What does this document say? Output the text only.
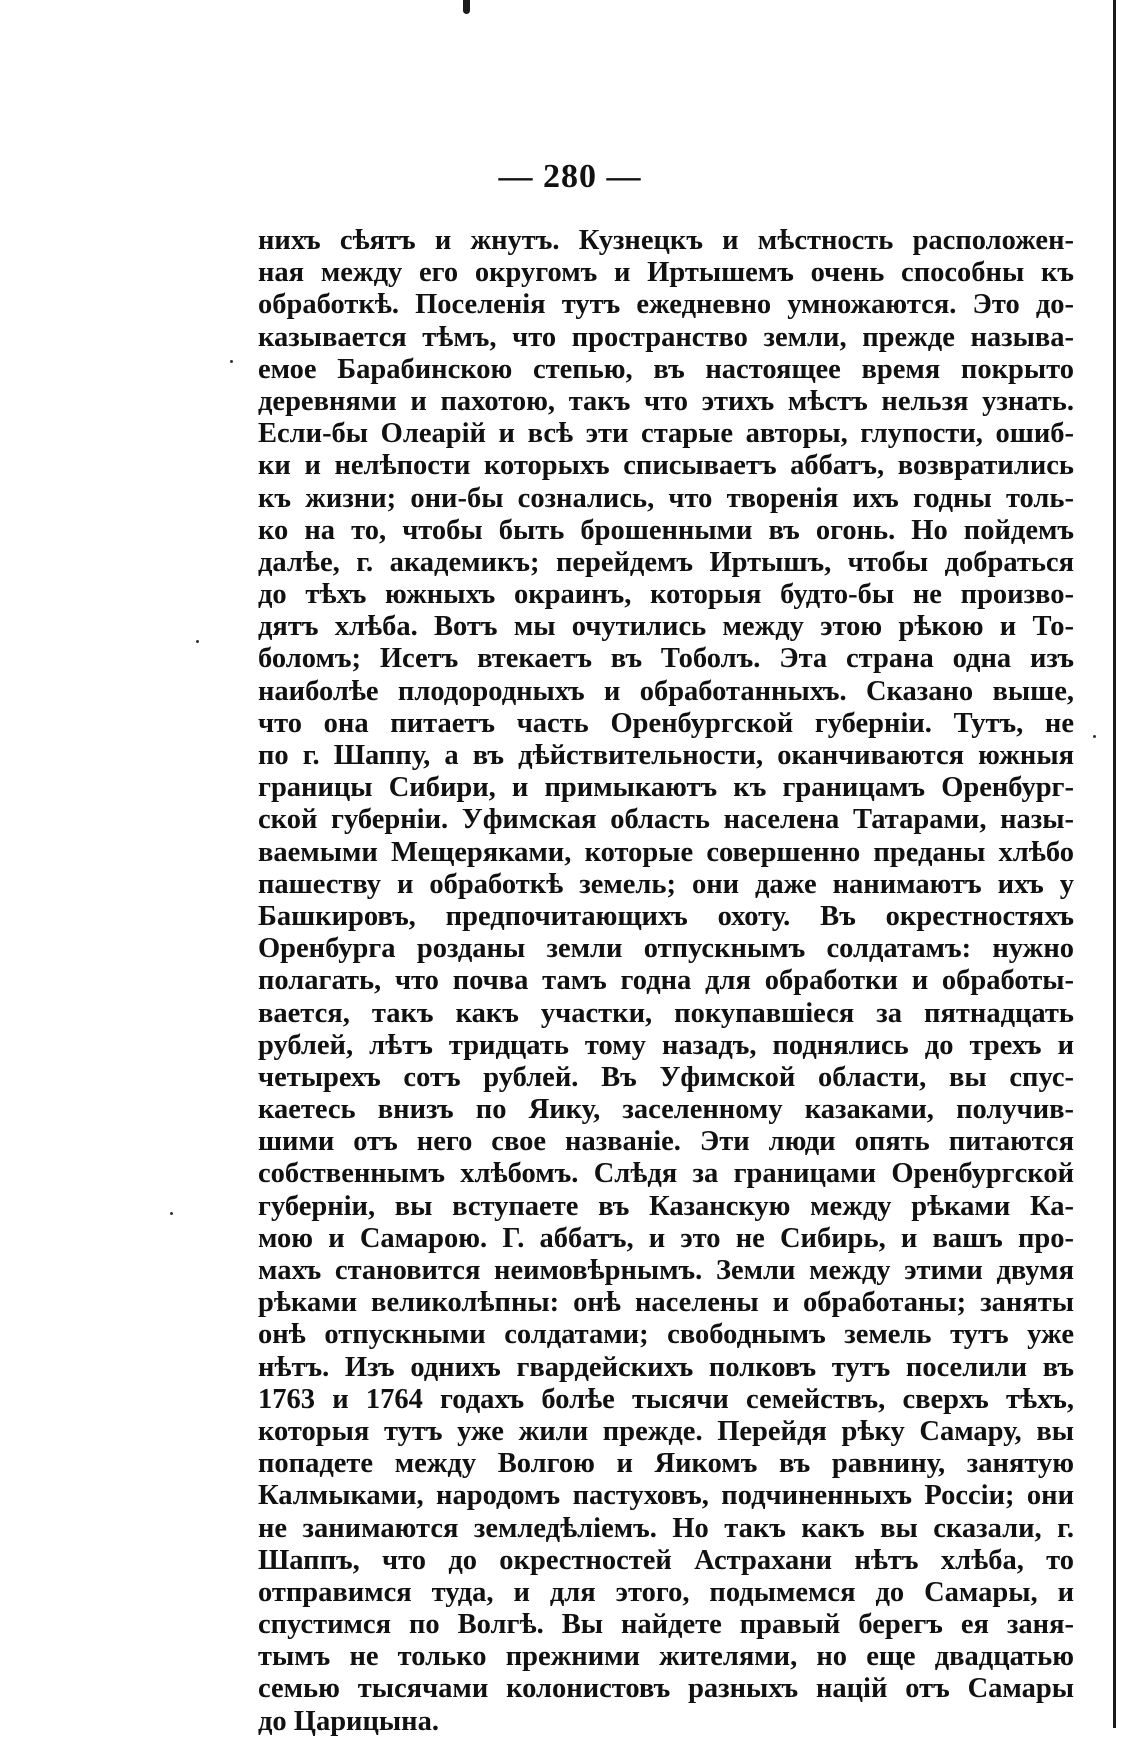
— 280 —
нихъ сѣятъ и жнутъ. Кузнецкъ и мѣстность расположен-
ная между его округомъ и Иртышемъ очень способны къ
обработкѣ. Поселенія тутъ ежедневно умножаются. Это до-
казывается тѣмъ, что пространство земли, прежде называ-
емое Барабинскою степью, въ настоящее время покрыто
деревнями и пахотою, такъ что этихъ мѣстъ нельзя узнать.
Если-бы Олеарій и всѣ эти старые авторы, глупости, ошиб-
ки и нелѣпости которыхъ списываетъ аббатъ, возвратились
къ жизни; они-бы сознались, что творенія ихъ годны толь-
ко на то, чтобы быть брошенными въ огонь. Но пойдемъ
далѣе, г. академикъ; перейдемъ Иртышъ, чтобы добраться
до тѣхъ южныхъ окраинъ, которыя будто-бы не произво-
дятъ хлѣба. Вотъ мы очутились между этою рѣкою и То-
боломъ; Исетъ втекаетъ въ Тоболъ. Эта страна одна изъ
наиболѣе плодородныхъ и обработанныхъ. Сказано выше,
что она питаетъ часть Оренбургской губерніи. Тутъ, не
по г. Шаппу, а въ дѣйствительности, оканчиваются южныя
границы Сибири, и примыкаютъ къ границамъ Оренбург-
ской губерніи. Уфимская область населена Татарами, назы-
ваемыми Мещеряками, которые совершенно преданы хлѣбо
пашеству и обработкѣ земель; они даже нанимаютъ ихъ у
Башкировъ, предпочитающихъ охоту. Въ окрестностяхъ
Оренбурга розданы земли отпускнымъ солдатамъ: нужно
полагать, что почва тамъ годна для обработки и обработы-
вается, такъ какъ участки, покупавшіеся за пятнадцать
рублей, лѣтъ тридцать тому назадъ, поднялись до трехъ и
четырехъ сотъ рублей. Въ Уфимской области, вы спус-
каетесь внизъ по Яику, заселенному казаками, получив-
шими отъ него свое названіе. Эти люди опять питаются
собственнымъ хлѣбомъ. Слѣдя за границами Оренбургской
губерніи, вы вступаете въ Казанскую между рѣками Ка-
мою и Самарою. Г. аббатъ, и это не Сибирь, и вашъ про-
махъ становится неимовѣрнымъ. Земли между этими двумя
рѣками великолѣпны: онѣ населены и обработаны; заняты
онѣ отпускными солдатами; свободнымъ земель тутъ уже
нѣтъ. Изъ однихъ гвардейскихъ полковъ тутъ поселили въ
1763 и 1764 годахъ болѣе тысячи семействъ, сверхъ тѣхъ,
которыя тутъ уже жили прежде. Перейдя рѣку Самару, вы
попадете между Волгою и Яикомъ въ равнину, занятую
Калмыками, народомъ пастуховъ, подчиненныхъ Россіи; они
не занимаются земледѣліемъ. Но такъ какъ вы сказали, г.
Шаппъ, что до окрестностей Астрахани нѣтъ хлѣба, то
отправимся туда, и для этого, подымемся до Самары, и
спустимся по Волгѣ. Вы найдете правый берегъ ея заня-
тымъ не только прежними жителями, но еще двадцатью
семью тысячами колонистовъ разныхъ націй отъ Самары
до Царицына.
